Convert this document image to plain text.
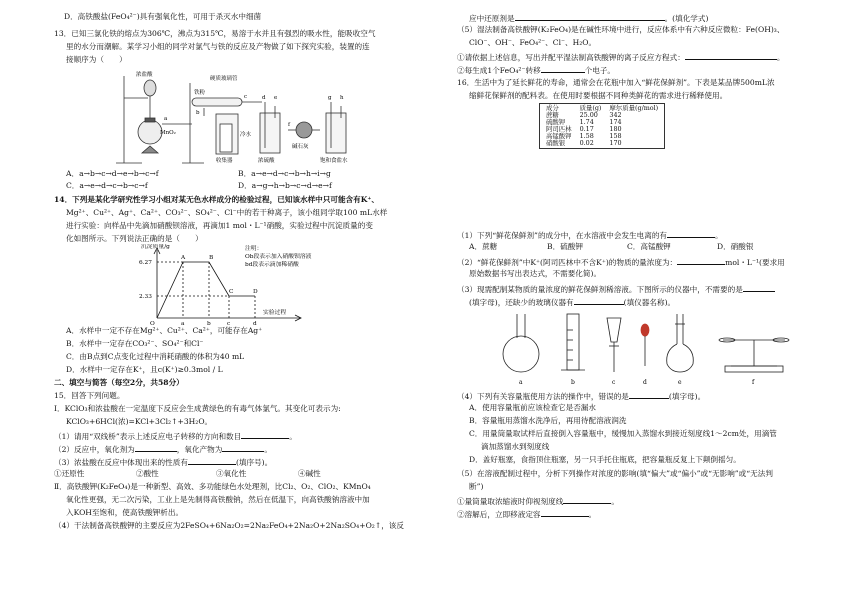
D．高铁酸盐(FeO₄²⁻)具有强氧化性，可用于杀灭水中细菌
13．已知三氯化铁的熔点为306℃，沸点为315℃，易溶于水并且有强烈的吸水性，能吸收空气
里的水分而潮解。某学习小组的同学对氯气与铁的反应及产物做了如下探究实验，装置的连
接顺序为（　　）
浓盐酸
硬质玻璃管
铁粉
MnO₂	冷水
收集器	浓硫酸
碱石灰
饱和食盐水
a
b
c	d e
f
g h
A．a→b→c→d→e→b→c→f	B．a→e→d→c→b→h→i→g
C．a→e→d→c→b→c→f	D．a→g→h→b→c→d→e→f
14．下列是某化学研究性学习小组对某无色水样成分的检验过程，已知该水样中只可能含有K⁺、
Mg²⁺、Cu²⁺、Ag⁺、Ca²⁺、CO₃²⁻、SO₄²⁻、Cl⁻中的若干种离子，该小组同学取100 mL水样
进行实验：向样品中先滴加硝酸钡溶液，再滴加1 mol・L⁻¹硝酸，实验过程中沉淀质量的变
化如图所示。下列说法正确的是（　　）
沉淀质量/g
6.27
2.33
O	a	b	c	d
实验过程
A	B
C	D
注明：
Ob段表示加入硝酸钡溶液
bd段表示滴加稀硝酸
A．水样中一定不存在Mg²⁺、Cu²⁺、Ca²⁺，可能存在Ag⁺
B．水样中一定存在CO₃²⁻、SO₄²⁻和Cl⁻
C．由B点到C点变化过程中消耗硝酸的体积为40 mL
D．水样中一定存在K⁺，且c(K⁺)≥0.3mol / L
二、填空与简答（每空2分，共58分）
15．回答下列问题。
Ⅰ．KClO₃和浓盐酸在一定温度下反应会生成黄绿色的有毒气体氯气。其变化可表示为:
KClO₃+6HCl(浓)=KCl+3Cl₂↑+3H₂O。
（1）请用“双线桥”表示上述反应电子转移的方向和数目	。
（2）反应中，氧化剂为	，氧化产物为	。
（3）浓盐酸在反应中体现出来的性质有	(填序号)。
①还原性	②酸性	③氧化性	④碱性
Ⅱ．高铁酸钾(K₂FeO₄)是一种新型、高效、多功能绿色水处理剂，比Cl₂、O₂、ClO₂、KMnO₄
氧化性更强，无二次污染，工业上是先制得高铁酸钠，然后在低温下，向高铁酸钠溶液中加
入KOH至饱和，使高铁酸钾析出。
（4）干法制备高铁酸钾的主要反应为2FeSO₄+6Na₂O₂=2Na₂FeO₄+2Na₂O+2Na₂SO₄+O₂↑，该反
应中还原剂是	。(填化学式)
（5）湿法制备高铁酸钾(K₂FeO₄)是在碱性环境中进行，反应体系中有六种反应微粒：Fe(OH)₃、
ClO⁻、OH⁻、FeO₄²⁻、Cl⁻、H₂O。
①请依据上述信息，写出并配平湿法制高铁酸钾的离子反应方程式：	。
②每生成1个FeO₄²⁻转移	个电子。
16．生活中为了延长鲜花的寿命，通常会在花瓶中加入“鲜花保鲜剂”。下表是某品牌500mL浓
缩鲜花保鲜剂的配料表。在使用时要根据不同种类鲜花的需求进行稀释使用。
成分	质量(g)	摩尔质量(g/mol)
蔗糖	25.00	342
硫酸钾	1.74	174
阿司匹林	0.17	180
高锰酸钾	1.58	158
硝酸银	0.02	170
（1）下列“鲜花保鲜剂”的成分中，在水溶液中会发生电离的有	。
A．蔗糖	B．硫酸钾	C．高锰酸钾	D．硝酸银
（2）“鲜花保鲜剂”中K⁺(阿司匹林中不含K⁺)的物质的量浓度为：	mol・L⁻¹(要求用
原始数据书写出表达式，不需要化简)。
（3）现需配制某物质的量浓度的鲜花保鲜剂稀溶液。下图所示的仪器中，不需要的是
(填字母)，还缺少的玻璃仪器有	(填仪器名称)。
a	b	c	d	e	f
（4）下列有关容量瓶使用方法的操作中，错误的是	(填字母)。
A．使用容量瓶前应该检查它是否漏水
B．容量瓶用蒸馏水洗净后，再用待配溶液润洗
C．用量筒量取试样后直接倒入容量瓶中，缓慢加入蒸馏水到接近刻度线1～2cm处，用滴管
滴加蒸馏水到刻度线
D．盖好瓶塞，食指顶住瓶塞，另一只手托住瓶底，把容量瓶反复上下颠倒摇匀。
（5）在溶液配制过程中，分析下列操作对浓度的影响(填“偏大”或“偏小”或“无影响”或“无法判
断”)
①量筒量取浓缩液时仰视刻度线	。
②溶解后，立即移液定容	。
